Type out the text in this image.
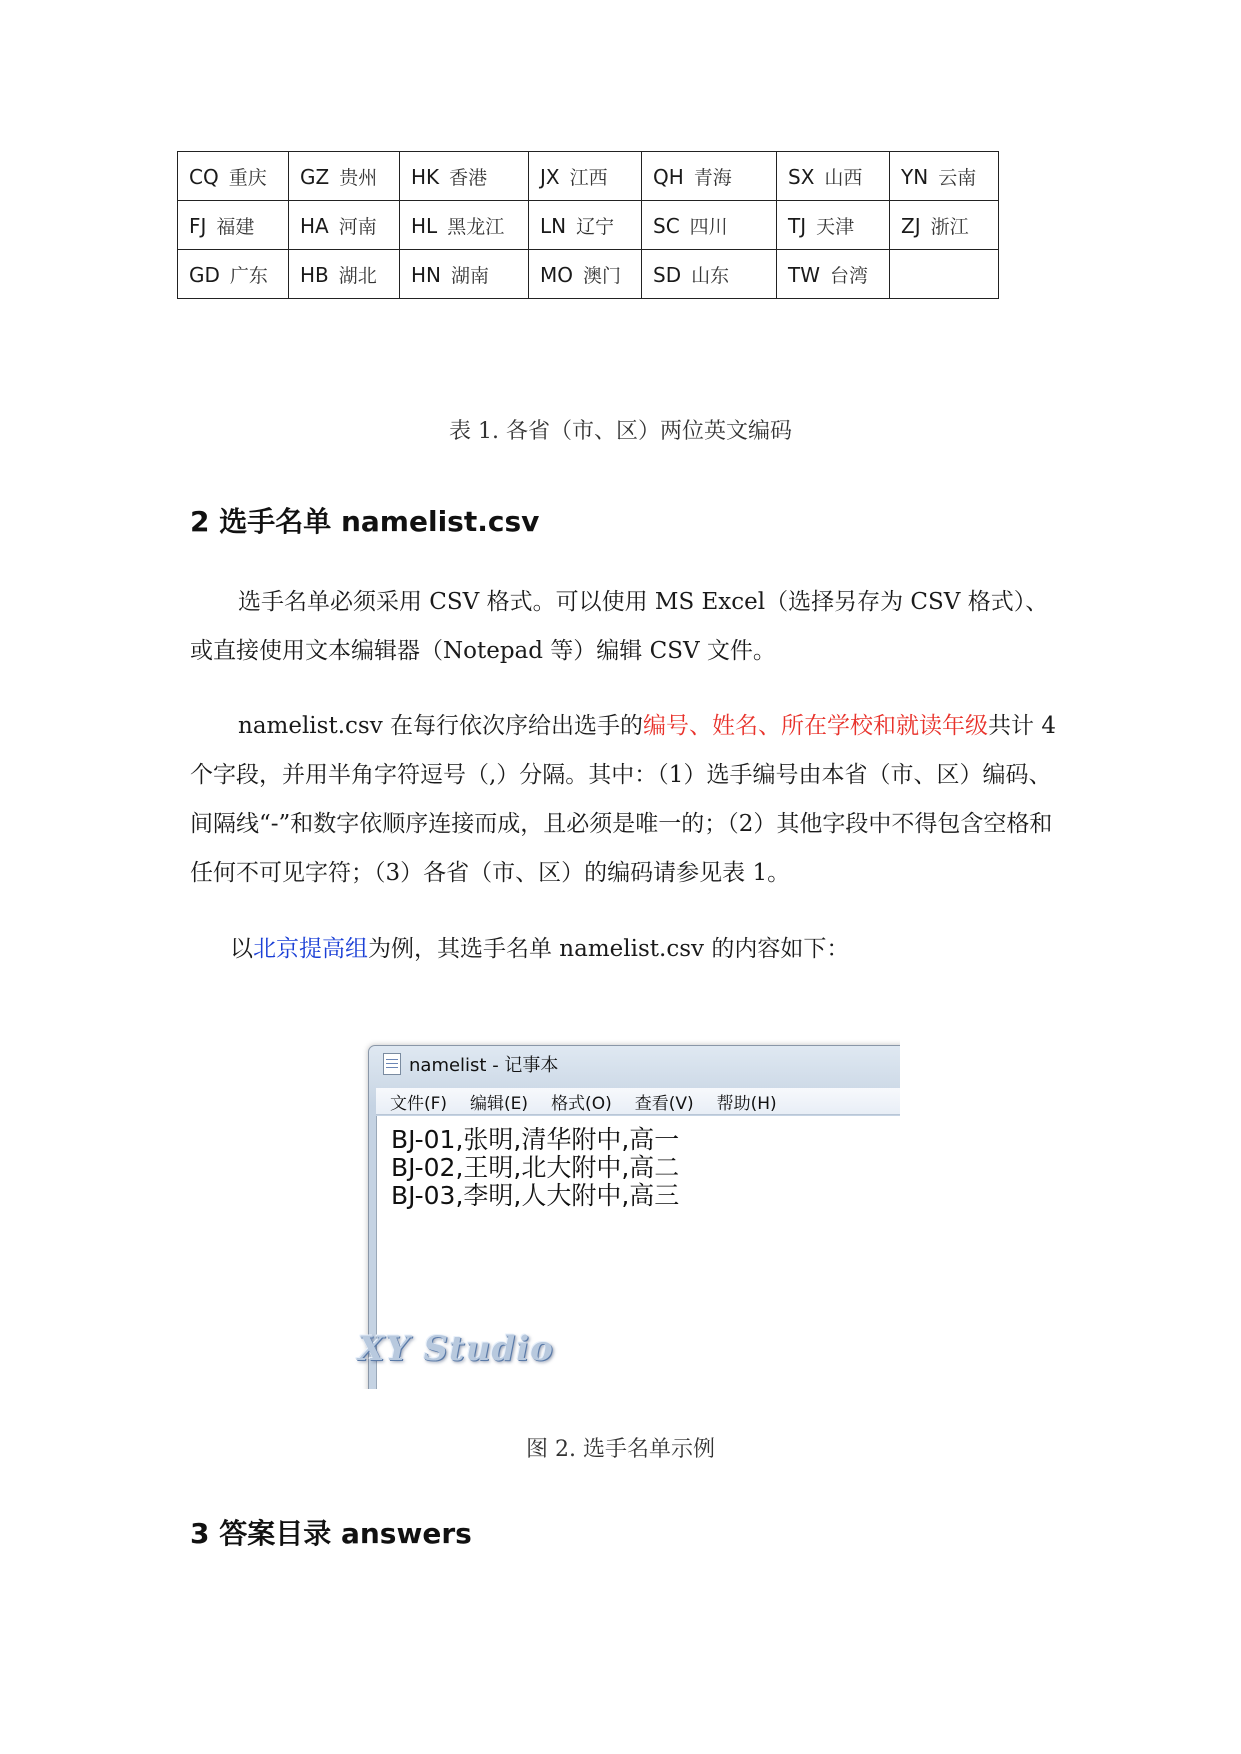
CQ 重庆	GZ 贵州	HK 香港	JX 江西	QH 青海	SX 山西	YN 云南
FJ 福建	HA 河南	HL 黑龙江	LN 辽宁	SC 四川	TJ 天津	ZJ 浙江
GD 广东	HB 湖北	HN 湖南	MO 澳门	SD 山东	TW 台湾	
表 1. 各省（市、区）两位英文编码
2 选手名单 namelist.csv
选手名单必须采用 CSV 格式。可以使用 MS Excel（选择另存为 CSV 格式）、或直接使用文本编辑器（Notepad 等）编辑 CSV 文件。
namelist.csv 在每行依次序给出选手的编号、姓名、所在学校和就读年级共计 4 个字段，并用半角字符逗号（,）分隔。其中：（1）选手编号由本省（市、区）编码、间隔线“-”和数字依顺序连接而成，且必须是唯一的；（2）其他字段中不得包含空格和任何不可见字符；（3）各省（市、区）的编码请参见表 1。
以北京提高组为例，其选手名单 namelist.csv 的内容如下：
namelist - 记事本
文件(F) 编辑(E) 格式(O) 查看(V) 帮助(H)
BJ-01,张明,清华附中,高一
BJ-02,王明,北大附中,高二
BJ-03,李明,人大附中,高三
XY Studio
图 2. 选手名单示例
3 答案目录 answers
